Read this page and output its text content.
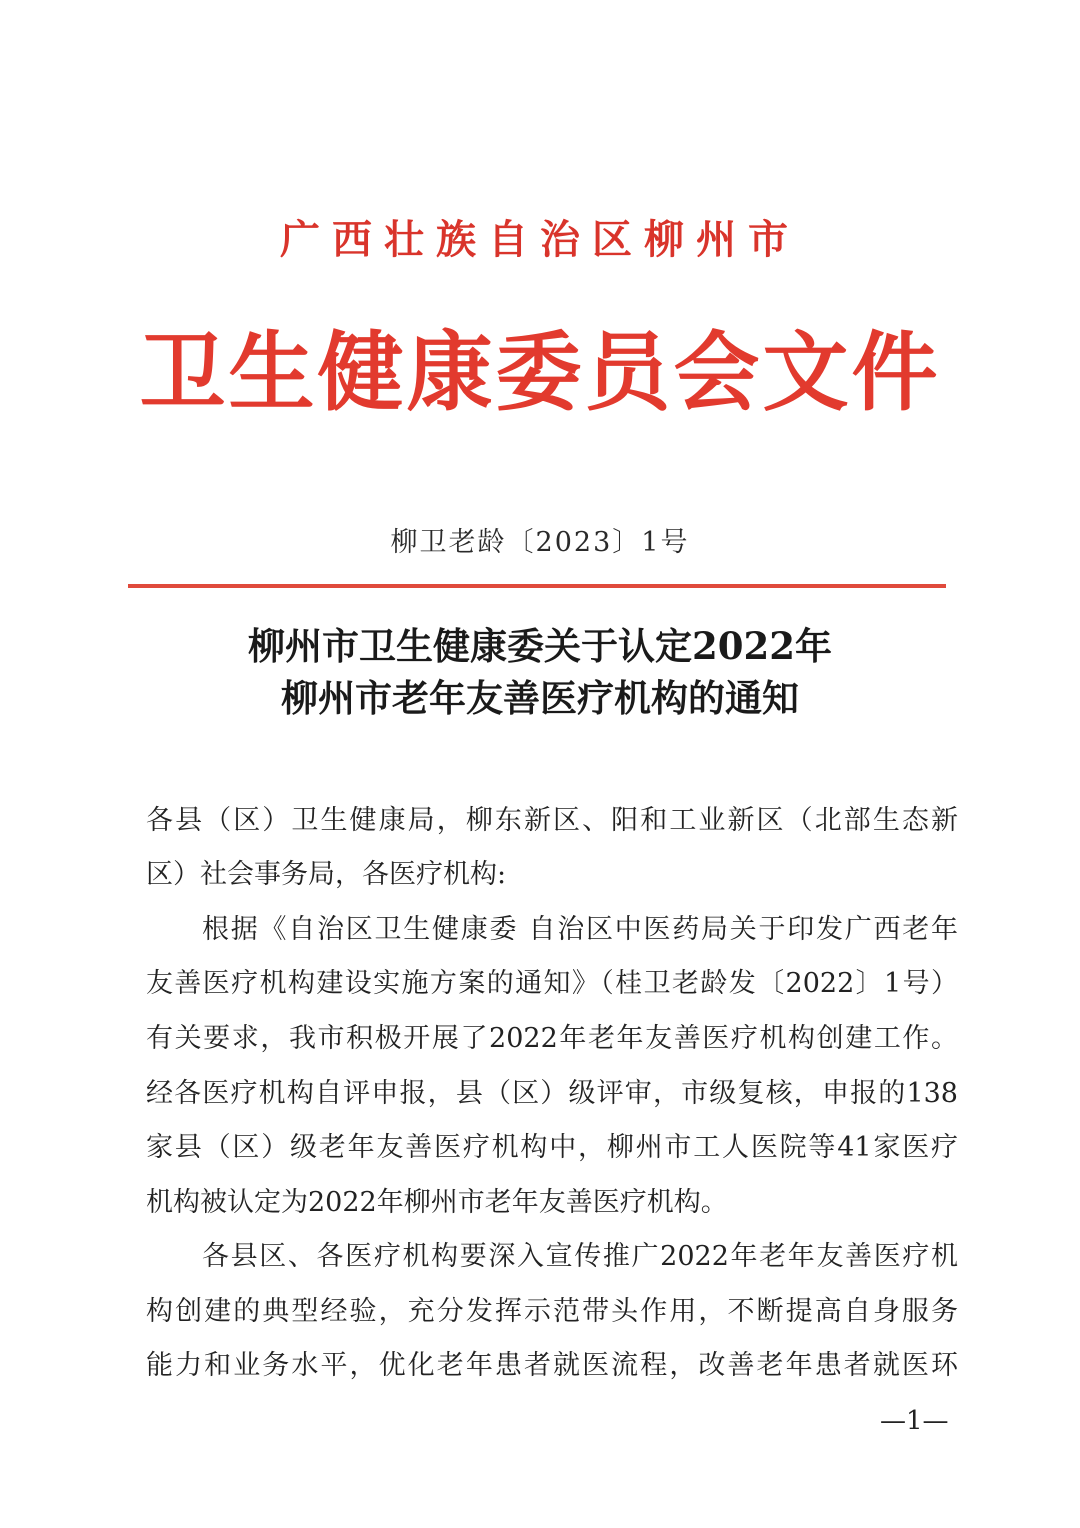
广西壮族自治区柳州市
卫生健康委员会文件
柳卫老龄〔2023〕1号
柳州市卫生健康委关于认定2022年
柳州市老年友善医疗机构的通知
各县（区）卫生健康局，柳东新区、阳和工业新区（北部生态新
区）社会事务局，各医疗机构:
根据《自治区卫生健康委 自治区中医药局关于印发广西老年
友善医疗机构建设实施方案的通知》（桂卫老龄发〔2022〕1号）
有关要求，我市积极开展了2022年老年友善医疗机构创建工作。
经各医疗机构自评申报，县（区）级评审，市级复核，申报的138
家县（区）级老年友善医疗机构中，柳州市工人医院等41家医疗
机构被认定为2022年柳州市老年友善医疗机构。
各县区、各医疗机构要深入宣传推广2022年老年友善医疗机
构创建的典型经验，充分发挥示范带头作用，不断提高自身服务
能力和业务水平，优化老年患者就医流程，改善老年患者就医环
—1—
